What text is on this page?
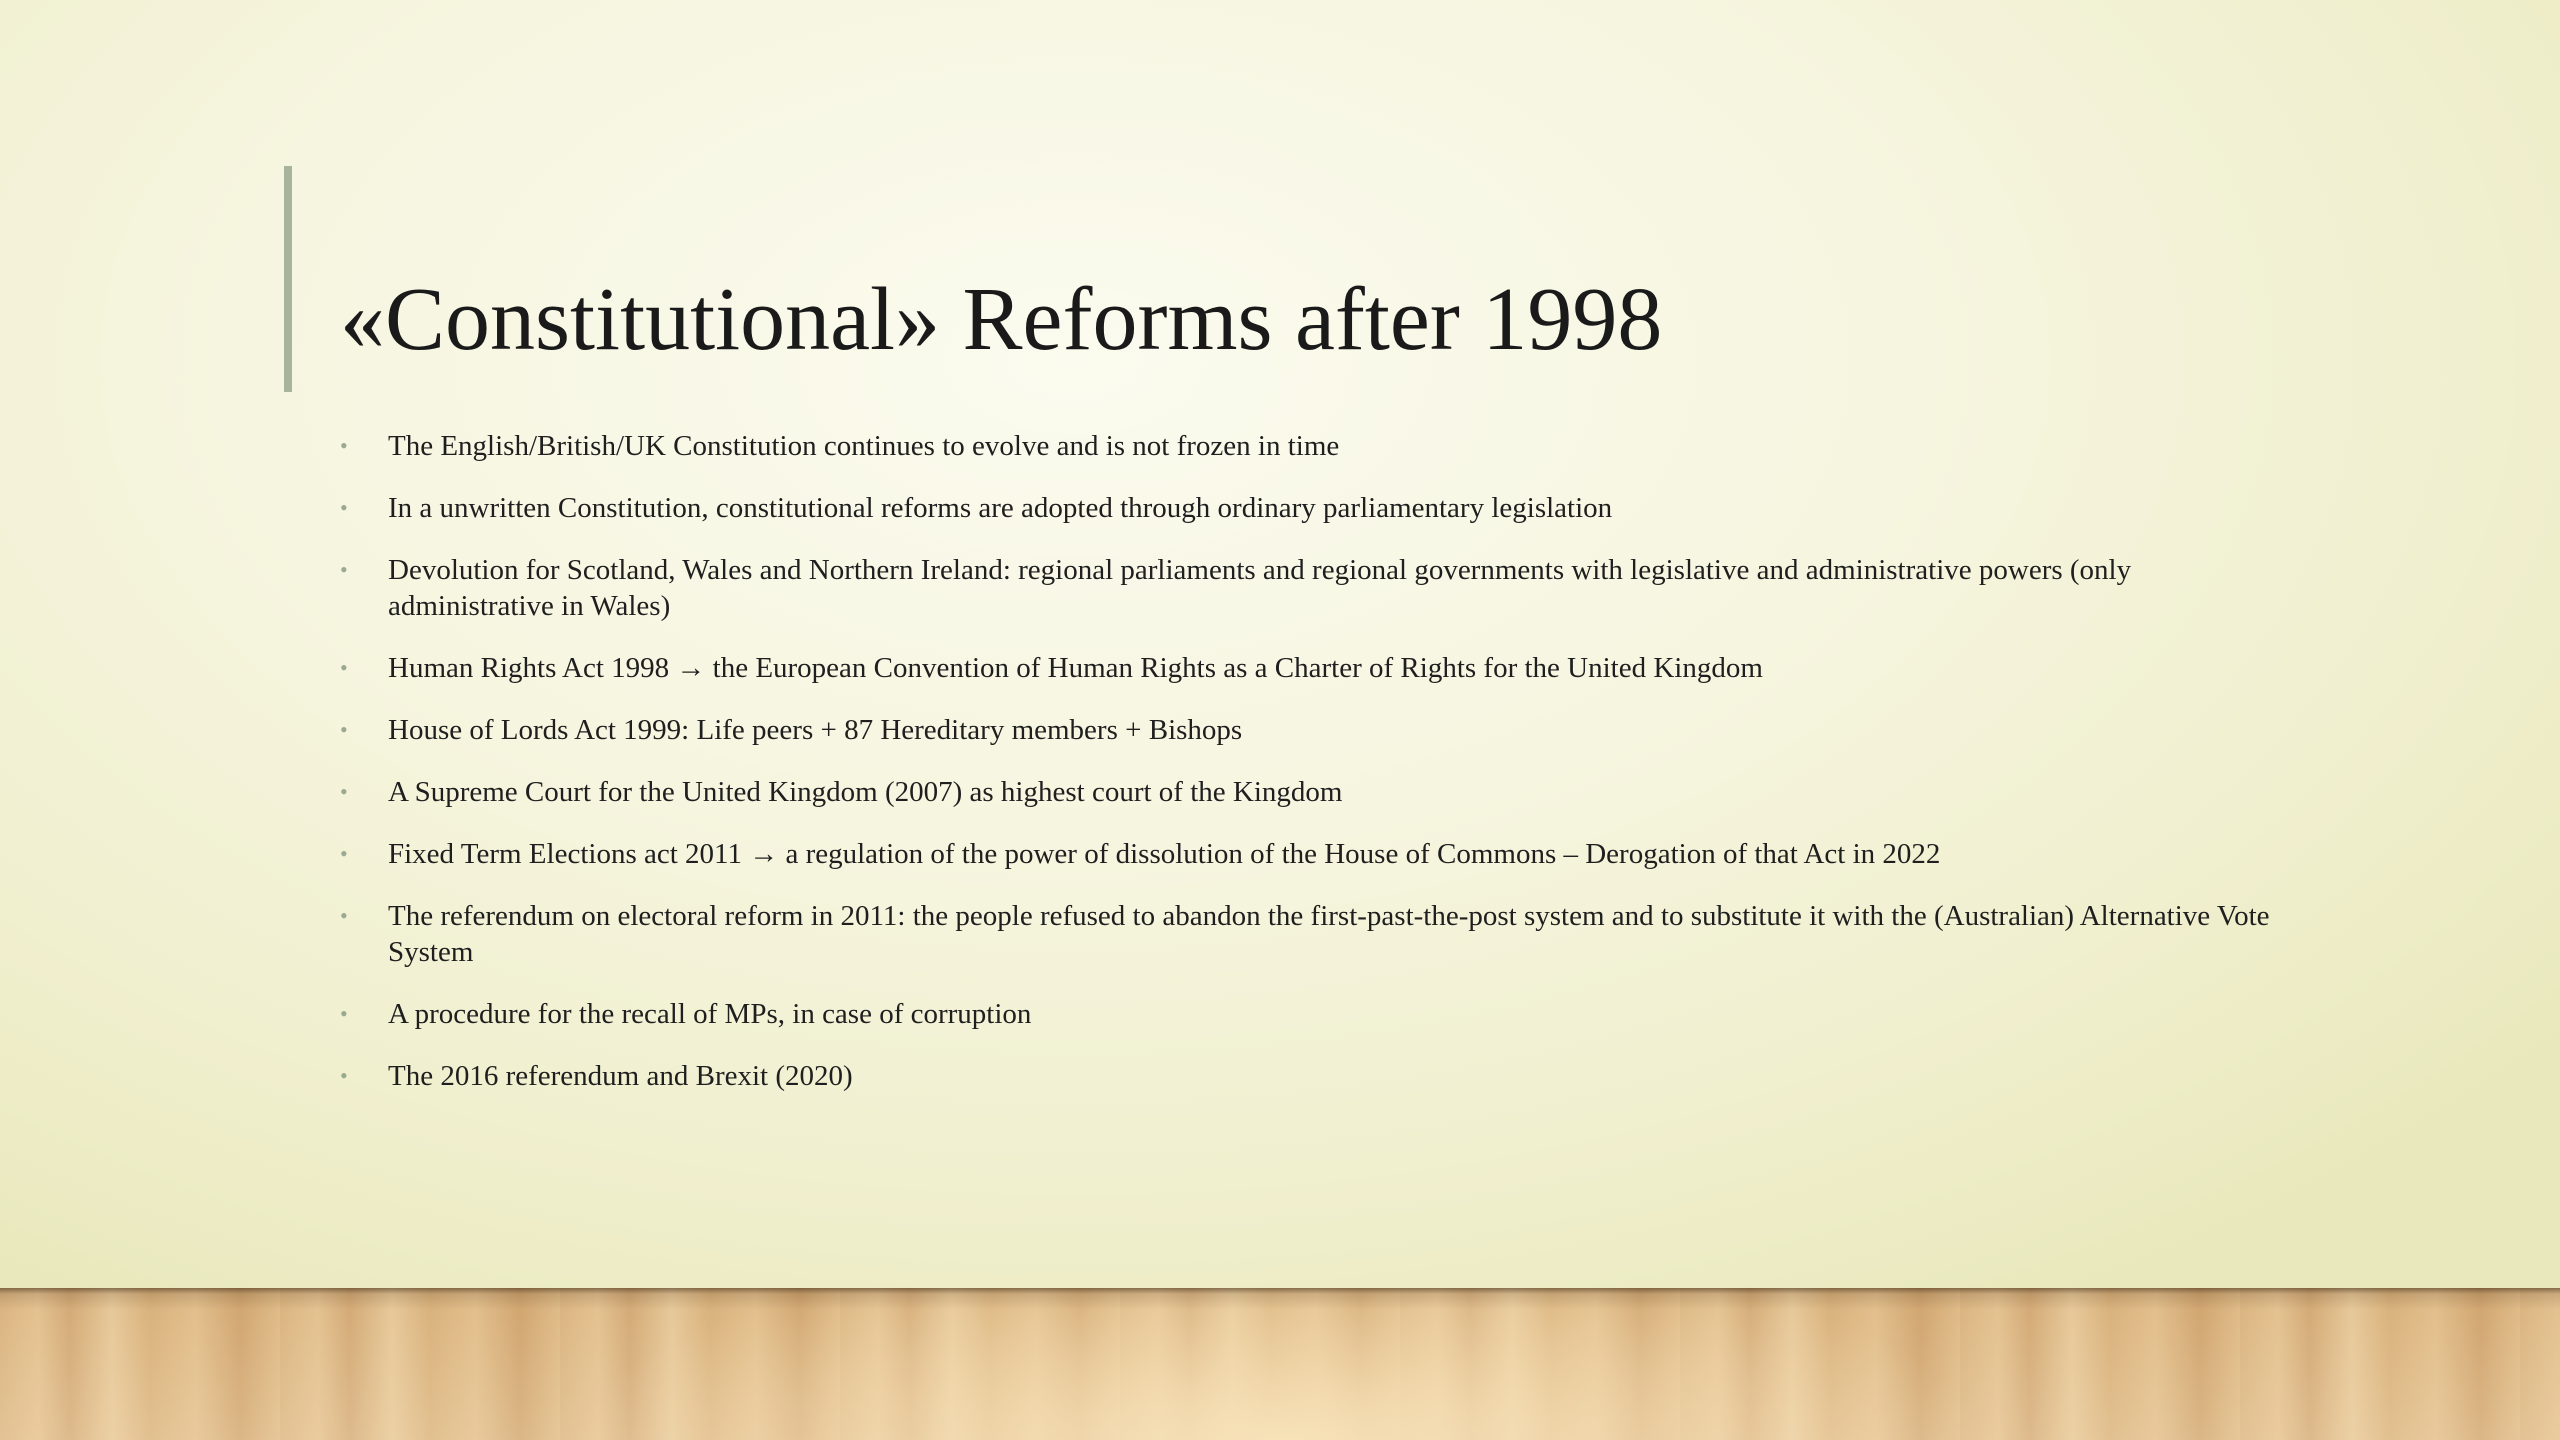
«Constitutional» Reforms after 1998
• The English/British/UK Constitution continues to evolve and is not frozen in time
• In a unwritten Constitution, constitutional reforms are adopted through ordinary parliamentary legislation
• Devolution for Scotland, Wales and Northern Ireland: regional parliaments and regional governments with legislative and administrative powers (only administrative in Wales)
• Human Rights Act 1998 → the European Convention of Human Rights as a Charter of Rights for the United Kingdom
• House of Lords Act 1999: Life peers + 87 Hereditary members + Bishops
• A Supreme Court for the United Kingdom (2007) as highest court of the Kingdom
• Fixed Term Elections act 2011 → a regulation of the power of dissolution of the House of Commons – Derogation of that Act in 2022
• The referendum on electoral reform in 2011: the people refused to abandon the first-past-the-post system and to substitute it with the (Australian) Alternative Vote System
• A procedure for the recall of MPs, in case of corruption
• The 2016 referendum and Brexit (2020)
